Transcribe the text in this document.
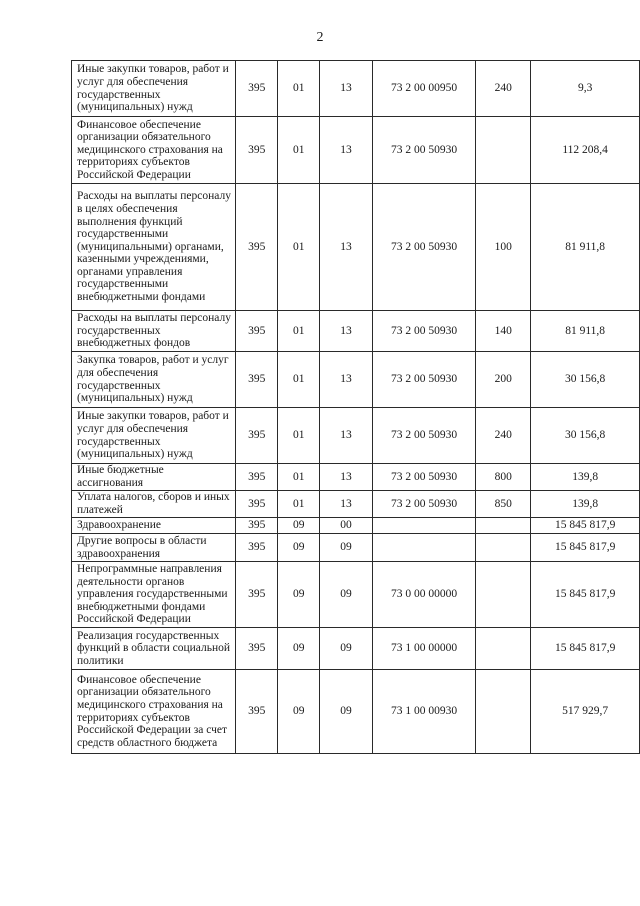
2
Иные закупки товаров, работ и услуг для обеспечения государственных (муниципальных) нужд	395	01	13	73 2 00 00950	240	9,3
Финансовое обеспечение организации обязательного медицинского страхования на территориях субъектов Российской Федерации	395	01	13	73 2 00 50930		112 208,4
Расходы на выплаты персоналу в целях обеспечения выполнения функций государственными (муниципальными) органами, казенными учреждениями, органами управления государственными внебюджетными фондами	395	01	13	73 2 00 50930	100	81 911,8
Расходы на выплаты персоналу государственных внебюджетных фондов	395	01	13	73 2 00 50930	140	81 911,8
Закупка товаров, работ и услуг для обеспечения государственных (муниципальных) нужд	395	01	13	73 2 00 50930	200	30 156,8
Иные закупки товаров, работ и услуг для обеспечения государственных (муниципальных) нужд	395	01	13	73 2 00 50930	240	30 156,8
Иные бюджетные ассигнования	395	01	13	73 2 00 50930	800	139,8
Уплата налогов, сборов и иных платежей	395	01	13	73 2 00 50930	850	139,8
Здравоохранение	395	09	00			15 845 817,9
Другие вопросы в области здравоохранения	395	09	09			15 845 817,9
Непрограммные направления деятельности органов управления государственными внебюджетными фондами Российской Федерации	395	09	09	73 0 00 00000		15 845 817,9
Реализация государственных функций в области социальной политики	395	09	09	73 1 00 00000		15 845 817,9
Финансовое обеспечение организации обязательного медицинского страхования на территориях субъектов Российской Федерации за счет средств областного бюджета	395	09	09	73 1 00 00930		517 929,7
